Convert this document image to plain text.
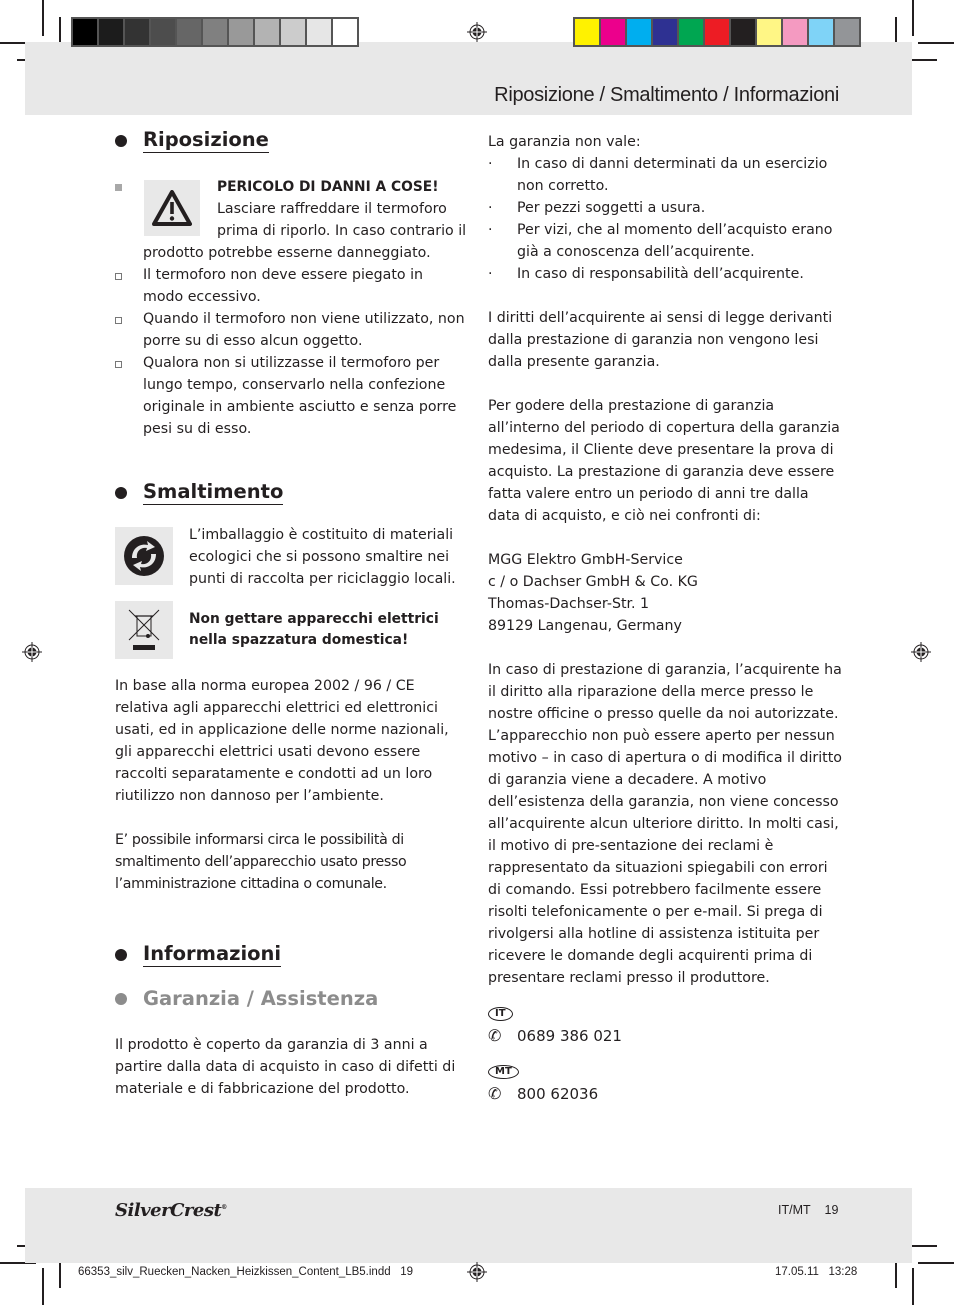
Riposizione / Smaltimento / Informazioni
Riposizione
PERICOLO DI DANNI A COSE!
Lasciare raffreddare il termoforo
prima di riporlo. In caso contrario il
prodotto potrebbe esserne danneggiato.
Il termoforo non deve essere piegato in modo eccessivo.
Quando il termoforo non viene utilizzato, non porre su di esso alcun oggetto.
Qualora non si utilizzasse il termoforo per lungo tempo, conservarlo nella confezione originale in ambiente asciutto e senza porre pesi su di esso.
Smaltimento
L’imballaggio è costituito di materiali ecologici che si possono smaltire nei punti di raccolta per riciclaggio locali.
Non gettare apparecchi elettrici nella spazzatura domestica!
In base alla norma europea 2002 / 96 / CE relativa agli apparecchi elettrici ed elettronici usati, ed in applicazione delle norme nazionali, gli apparecchi elettrici usati devono essere raccolti separatamente e condotti ad un loro riutilizzo non dannoso per l’ambiente.
E’ possibile informarsi circa le possibilità di smaltimento dell’apparecchio usato presso l’amministrazione cittadina o comunale.
Informazioni
Garanzia / Assistenza
Il prodotto è coperto da garanzia di 3 anni a partire dalla data di acquisto in caso di difetti di materiale e di fabbricazione del prodotto.
La garanzia non vale:
·	In caso di danni determinati da un esercizio non corretto.
·	Per pezzi soggetti a usura.
·	Per vizi, che al momento dell’acquisto erano già a conoscenza dell’acquirente.
·	In caso di responsabilità dell’acquirente.
I diritti dell’acquirente ai sensi di legge derivanti dalla prestazione di garanzia non vengono lesi dalla presente garanzia.
Per godere della prestazione di garanzia all’interno del periodo di copertura della garanzia medesima, il Cliente deve presentare la prova di acquisto. La prestazione di garanzia deve essere fatta valere entro un periodo di anni tre dalla data di acquisto, e ciò nei confronti di:
MGG Elektro GmbH-Service
c / o Dachser GmbH & Co. KG
Thomas-Dachser-Str. 1
89129 Langenau, Germany
In caso di prestazione di garanzia, l’acquirente ha il diritto alla riparazione della merce presso le nostre officine o presso quelle da noi autorizzate. L’apparecchio non può essere aperto per nessun motivo – in caso di apertura o di modifica il diritto di garanzia viene a decadere. A motivo dell’esistenza della garanzia, non viene concesso all’acquirente alcun ulteriore diritto. In molti casi, il motivo di pre-sentazione dei reclami è rappresentato da situazioni spiegabili con errori di comando. Essi potrebbero facilmente essere risolti telefonicamente o per e-mail. Si prega di rivolgersi alla hotline di assistenza istituita per ricevere le domande degli acquirenti prima di presentare reclami presso il produttore.
IT
✆	0689 386 021
MT
✆	800 62036
SilverCrest®	IT/MT 19
66353_silv_Ruecken_Nacken_Heizkissen_Content_LB5.indd   19	17.05.11   13:28
